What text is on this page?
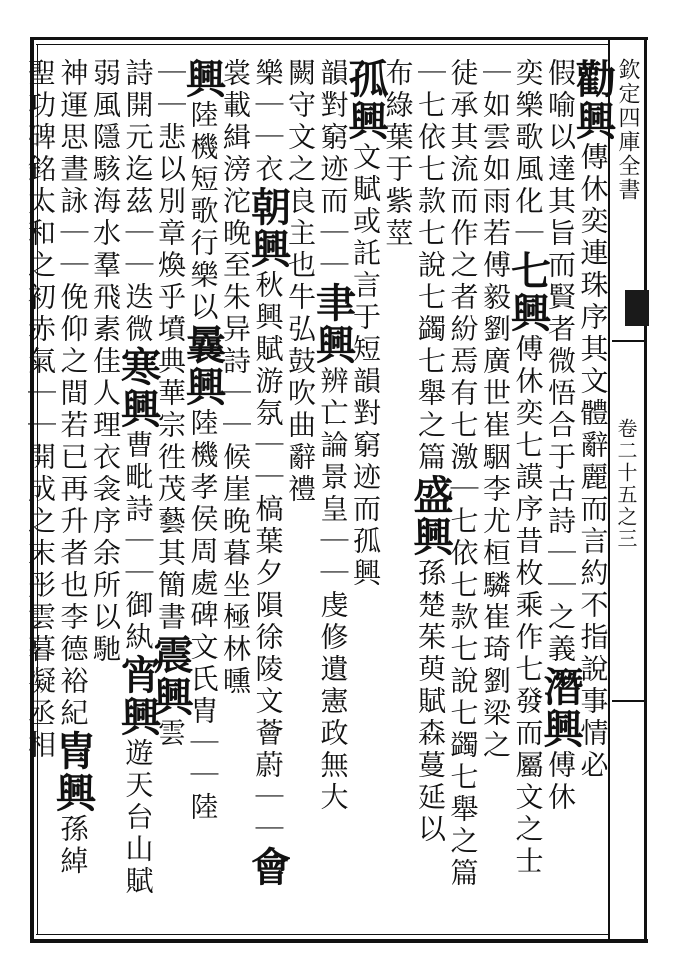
欽定四庫全書
卷二十五之三
勸興傳休奕連珠序其文體辭麗而言約不指說事情必
假喻以達其旨而賢者微悟合于古詩｜｜之義潛興傅休
奕樂歌風化｜七興傅休奕七謨序昔枚乘作七發而屬文之士
｜如雲如雨若傅毅劉廣世崔駰李尤桓驎崔琦劉梁之
徒承其流而作之者紛焉有七激｜七依七款七說七蠲七舉之篇
｜七依七款七說七蠲七舉之篇盛興孫楚茱萸賦森蔓延以
布綠葉于紫莖
孤興文賦或託言于短韻對窮迹而孤興
韻對窮迹而｜｜聿興辨亡論景皇｜｜虔修遺憲政無大
闕守文之良主也牛弘鼓吹曲辭禮
樂｜｜衣朝興秋興賦游氛｜｜槁葉夕隕徐陵文薈蔚｜｜會
裳載緝滂沱晚至朱异詩｜｜候崖晚暮坐極林曛
興陸機短歌行樂以曩興陸機孝侯周處碑文氏胄｜｜陸
｜｜悲以別章煥乎墳典華宗徃茂藝其簡書震興雲
詩開元迄茲｜｜迭微寒興曹毗詩｜｜御紈宵興遊天台山賦
弱風隱駭海水羣飛素佳人理衣衾序余所以馳
神運思晝詠｜｜俛仰之間若已再升者也李德裕紀冑興孫綽
聖功碑銘太和之初赤氣｜｜開成之末彤雲暮凝丞相
